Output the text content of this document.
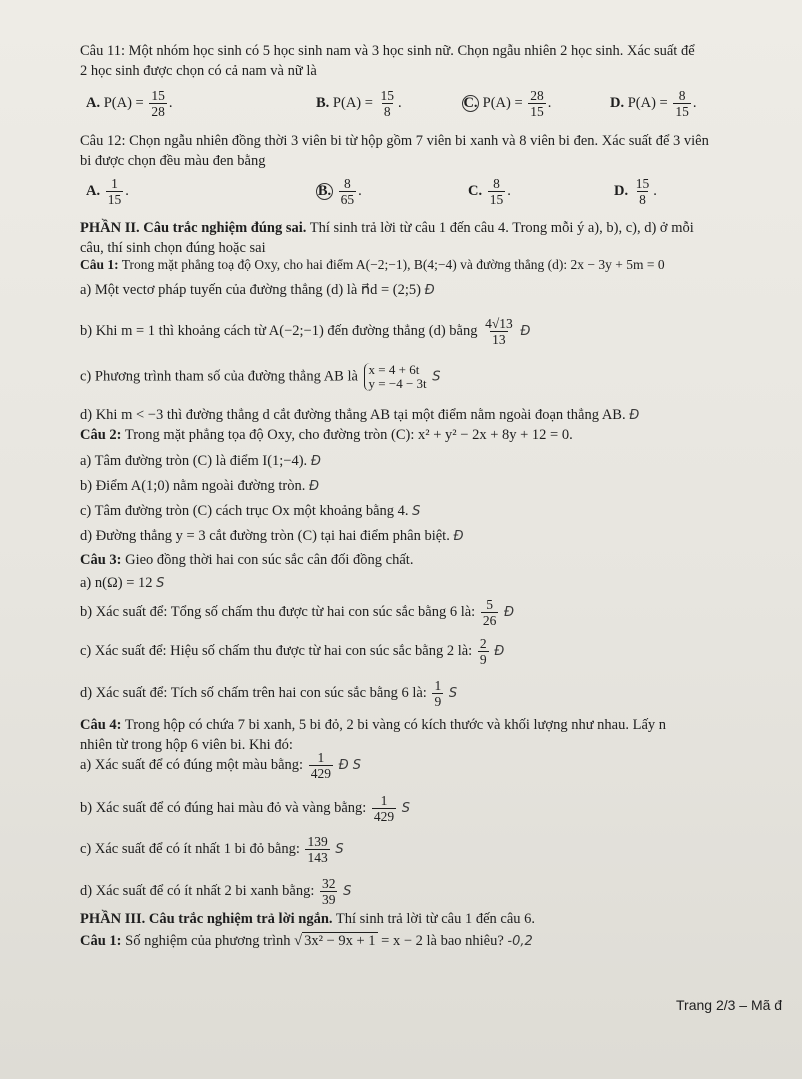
Câu 11: Một nhóm học sinh có 5 học sinh nam và 3 học sinh nữ. Chọn ngẫu nhiên 2 học sinh. Xác suất để
2 học sinh được chọn có cả nam và nữ là
A. $P(A) = \frac{15}{28}$ .	B. $P(A) = \frac{15}{8}$ .	C. $P(A) = \frac{28}{15}$ .	D. $P(A) = \frac{8}{15}$ .
Câu 12: Chọn ngẫu nhiên đồng thời 3 viên bi từ hộp gồm 7 viên bi xanh và 8 viên bi đen. Xác suất để 3 viên
bi được chọn đều màu đen bằng
A. $\frac{1}{15}$ .	B. $\frac{8}{65}$ .	C. $\frac{8}{15}$ .	D. $\frac{15}{8}$ .
PHẦN II. Câu trắc nghiệm đúng sai. Thí sinh trả lời từ câu 1 đến câu 4. Trong mỗi ý a), b), c), d) ở mỗi
câu, thí sinh chọn đúng hoặc sai
Câu 1: Trong mặt phẳng toạ độ Oxy, cho hai điểm A(−2;−1), B(4;−4) và đường thẳng (d): 2x − 3y + 5m = 0
a) Một vectơ pháp tuyến của đường thẳng (d) là n⃗d = (2;5) Đ
b) Khi m = 1 thì khoảng cách từ A(−2;−1) đến đường thẳng (d) bằng $\frac{4√13}{13}$ Đ
c) Phương trình tham số của đường thẳng AB là x = 4 + 6t
y = −4 − 3t S
d) Khi m < −3 thì đường thẳng d cắt đường thẳng AB tại một điểm nằm ngoài đoạn thẳng AB. Đ
Câu 2: Trong mặt phẳng tọa độ Oxy, cho đường tròn (C): x² + y² − 2x + 8y + 12 = 0.
a) Tâm đường tròn (C) là điểm I(1;−4). Đ
b) Điểm A(1;0) nằm ngoài đường tròn. Đ
c) Tâm đường tròn (C) cách trục Ox một khoảng bằng 4. S
d) Đường thẳng y = 3 cắt đường tròn (C) tại hai điểm phân biệt. Đ
Câu 3: Gieo đồng thời hai con súc sắc cân đối đồng chất.
a) n(Ω) = 12 S
b) Xác suất để: Tổng số chấm thu được từ hai con súc sắc bằng 6 là: $\frac{5}{26}$ Đ
c) Xác suất để: Hiệu số chấm thu được từ hai con súc sắc bằng 2 là: $\frac{2}{9}$ Đ
d) Xác suất để: Tích số chấm trên hai con súc sắc bằng 6 là: $\frac{1}{9}$ S
Câu 4: Trong hộp có chứa 7 bi xanh, 5 bi đỏ, 2 bi vàng có kích thước và khối lượng như nhau. Lấy n
nhiên từ trong hộp 6 viên bi. Khi đó:
a) Xác suất để có đúng một màu bằng: $\frac{1}{429}$ Đ S
b) Xác suất để có đúng hai màu đỏ và vàng bằng: $\frac{1}{429}$ S
c) Xác suất để có ít nhất 1 bi đỏ bằng: $\frac{139}{143}$ S
d) Xác suất để có ít nhất 2 bi xanh bằng: $\frac{32}{39}$ S
PHẦN III. Câu trắc nghiệm trả lời ngắn. Thí sinh trả lời từ câu 1 đến câu 6.
Câu 1: Số nghiệm của phương trình √ 3x² − 9x + 1 = x − 2 là bao nhiêu? -0,2
Trang 2/3 – Mã đ
